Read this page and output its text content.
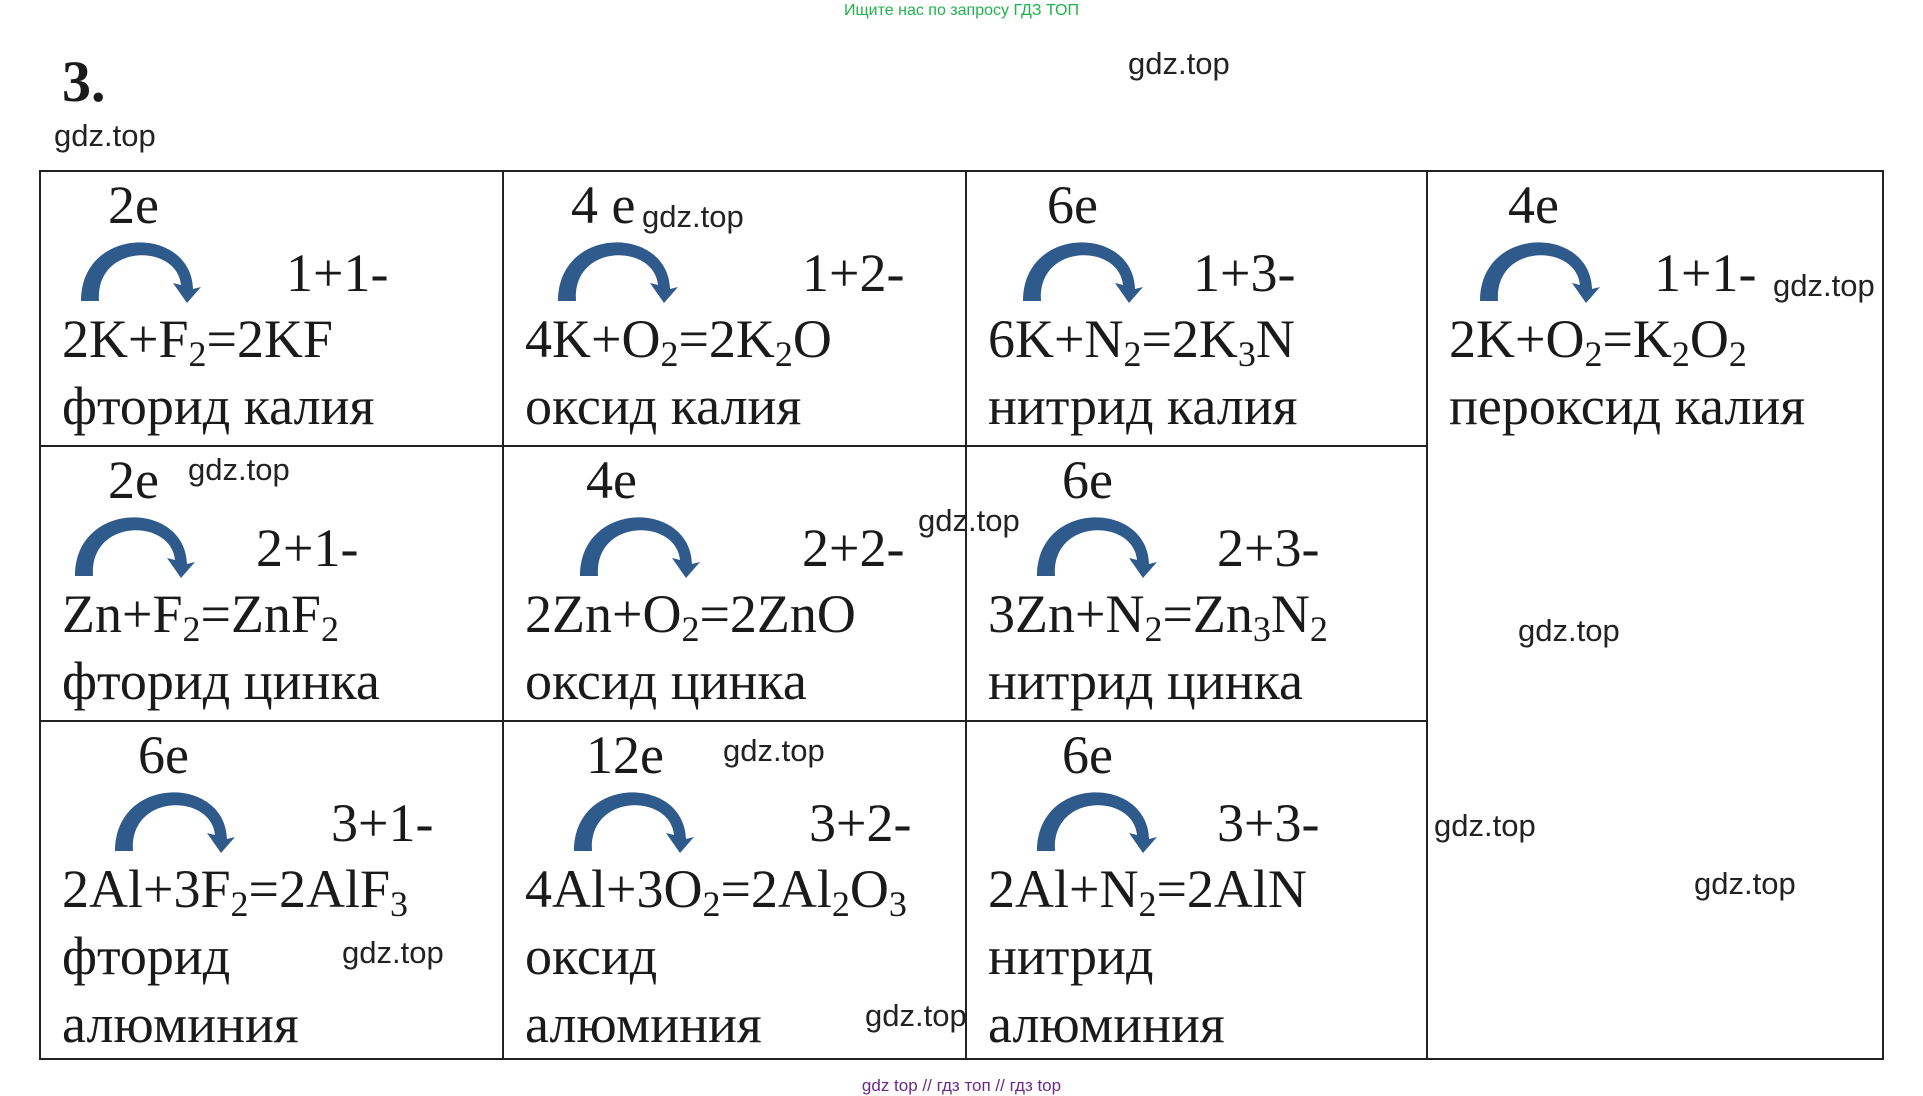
Ищите нас по запросу ГДЗ ТОП
3.	gdz.top
gdz.top
2e
1+1-
$2K+F_2=2KF$
фторид калия
4 e
1+2-
$4K+O_2=2K_2O$
оксид калия
6e
1+3-
$6K+N_2=2K_3N$
нитрид калия
4e
1+1-
$2K+O_2=K_2O_2$
пероксид калия
2e
2+1-
$Zn+F_2=ZnF_2$
фторид цинка
4e
2+2-
$2Zn+O_2=2ZnO$
оксид цинка
6e
2+3-
$3Zn+N_2=Zn_3N_2$
нитрид цинка
6e
3+1-
$2Al+3F_2=2AlF_3$
фторид
алюминия
12e
3+2-
$4Al+3O_2=2Al_2O_3$
оксид
алюминия
6e
3+3-
$2Al+N_2=2AlN$
нитрид
алюминия
gdz.top
gdz.top
gdz.top
gdz.top
gdz.top
gdz.top
gdz.top
gdz.top
gdz.top
gdz.top
gdz top // гдз топ // гдз top
